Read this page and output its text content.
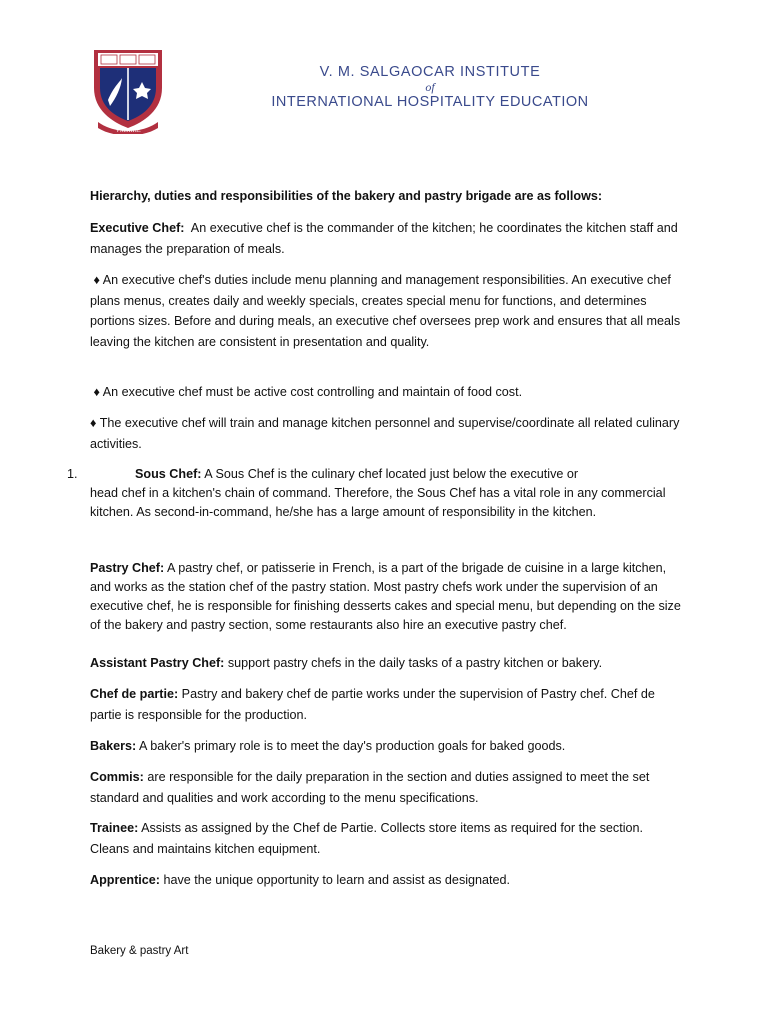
VMSIIHE
V. M. SALGAOCAR INSTITUTE
of
INTERNATIONAL HOSPITALITY EDUCATION
Hierarchy, duties and responsibilities of the bakery and pastry brigade are as follows:
Executive Chef: An executive chef is the commander of the kitchen; he coordinates the kitchen staff and manages the preparation of meals.
♦ An executive chef's duties include menu planning and management responsibilities. An executive chef plans menus, creates daily and weekly specials, creates special menu for functions, and determines portions sizes. Before and during meals, an executive chef oversees prep work and ensures that all meals leaving the kitchen are consistent in presentation and quality.
♦ An executive chef must be active cost controlling and maintain of food cost.
♦ The executive chef will train and manage kitchen personnel and supervise/coordinate all related culinary activities.
1.	Sous Chef: A Sous Chef is the culinary chef located just below the executive or
head chef in a kitchen's chain of command. Therefore, the Sous Chef has a vital role in any commercial kitchen. As second-in-command, he/she has a large amount of responsibility in the kitchen.
Pastry Chef: A pastry chef, or patisserie in French, is a part of the brigade de cuisine in a large kitchen, and works as the station chef of the pastry station. Most pastry chefs work under the supervision of an executive chef, he is responsible for finishing desserts cakes and special menu, but depending on the size of the bakery and pastry section, some restaurants also hire an executive pastry chef.
Assistant Pastry Chef: support pastry chefs in the daily tasks of a pastry kitchen or bakery.
Chef de partie: Pastry and bakery chef de partie works under the supervision of Pastry chef. Chef de partie is responsible for the production.
Bakers: A baker's primary role is to meet the day's production goals for baked goods.
Commis: are responsible for the daily preparation in the section and duties assigned to meet the set standard and qualities and work according to the menu specifications.
Trainee: Assists as assigned by the Chef de Partie. Collects store items as required for the section. Cleans and maintains kitchen equipment.
Apprentice: have the unique opportunity to learn and assist as designated.
Bakery & pastry Art
